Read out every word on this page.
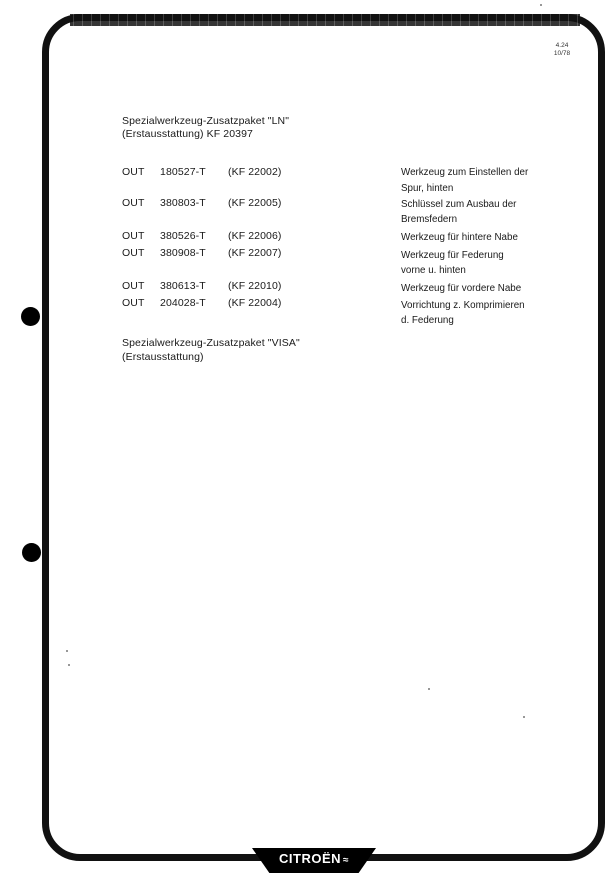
4.24
10/78
Spezialwerkzeug-Zusatzpaket "LN"
(Erstausstattung) KF 20397
OUT 180527-T (KF 22002)
OUT 380803-T (KF 22005)
OUT 380526-T (KF 22006)
OUT 380908-T (KF 22007)
OUT 380613-T (KF 22010)
OUT 204028-T (KF 22004)
Werkzeug zum Einstellen der
Spur, hinten
Schlüssel zum Ausbau der
Bremsfedern
Werkzeug für hintere Nabe
Werkzeug für Federung
vorne u. hinten
Werkzeug für vordere Nabe
Vorrichtung z. Komprimieren
d. Federung
Spezialwerkzeug-Zusatzpaket "VISA"
(Erstausstattung)
CITROËN ≈
